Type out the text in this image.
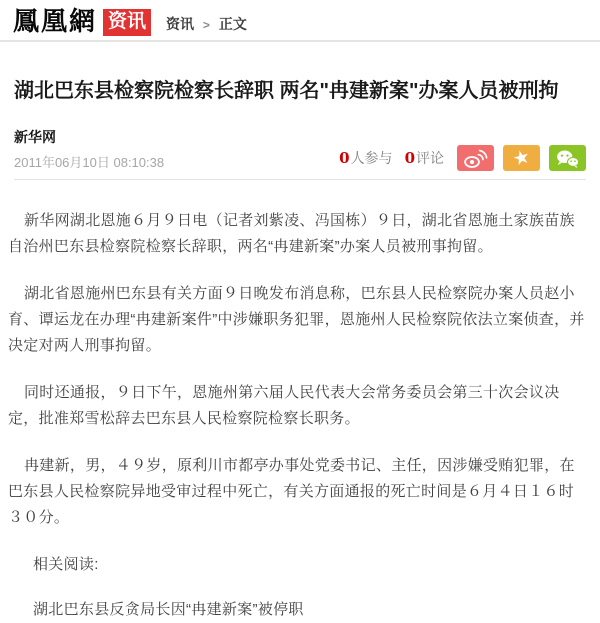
鳳凰網 资讯	资讯 > 正文
湖北巴东县检察院检察长辞职 两名"冉建新案"办案人员被刑拘
新华网
2011年06月10日 08:10:38	0人参与 0评论	★

新华网湖北恩施６月９日电（记者刘紫凌、冯国栋）９日，湖北省恩施土家族苗族自治州巴东县检察院检察长辞职，两名“冉建新案”办案人员被刑事拘留。

湖北省恩施州巴东县有关方面９日晚发布消息称，巴东县人民检察院办案人员赵小育、谭运龙在办理“冉建新案件”中涉嫌职务犯罪，恩施州人民检察院依法立案侦查，并决定对两人刑事拘留。

同时还通报，９日下午，恩施州第六届人民代表大会常务委员会第三十次会议决定，批准郑雪松辞去巴东县人民检察院检察长职务。

冉建新，男，４９岁，原利川市都亭办事处党委书记、主任，因涉嫌受贿犯罪，在巴东县人民检察院异地受审过程中死亡，有关方面通报的死亡时间是６月４日１６时３０分。

相关阅读:

湖北巴东县反贪局长因“冉建新案”被停职
